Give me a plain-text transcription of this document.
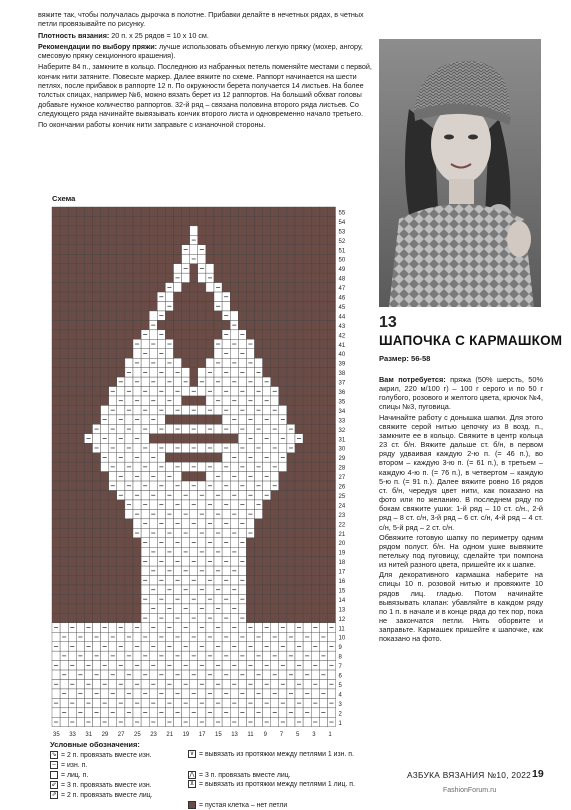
вяжите так, чтобы получалась дырочка в полотне. Прибавки делайте в нечетных рядах, в четных петли провязывайте по рисунку.

Плотность вязания: 20 п. х 25 рядов = 10 х 10 см.

Рекомендации по выбору пряжи: лучше использовать объемную легкую пряжу (мохер, ангору, смесовую пряжу секционного крашения).

Наберите 84 п., замкните в кольцо. Последнюю из набранных петель поменяйте местами с первой, кончик нити затяните. Повесьте маркер. Далее вяжите по схеме. Раппорт начинается на шести петлях, после прибавок в раппорте 12 п. По окружности берета получается 14 листьев. На более толстых спицах, например №6, можно вязать берет из 12 раппортов. На больший обхват головы добавьте нужное количество раппортов. 32-й ряд – связана половина второго ряда листьев. Со следующего ряда начинайте вывязывать кончик второго листа и одновременно начало третьего.

По окончании работы кончик нити заправьте с изнаночной стороны.

Схема
55
54
53
52
51
50
49
48
47
46
45
44
43
42
41
40
39
38
37
36
35
34
33
32
31
30
29
28
27
26
25
24
23
22
21
20
19
18
17
16
15
14
13
12
11
10
9
8
7
6
5
4
3
2
1
35 33 31 29 27 25 23 21 19 17 15 13 11 9 7 5 3 1
Условные обозначения:
⇘ = 2 п. провязать вместе изн.
– = изн. п.
= лиц. п.
⇙ = 3 п. провязать вместе изн.
⇗ = 2 п. провязать вместе лиц.
⊽ = вывязать из протяжки между петлями 1 изн. п.
⋀ = 3 п. провязать вместе лиц.
⊻ = вывязать из протяжки между петлями 1 лиц. п.
= пустая клетка – нет петли
13
ШАПОЧКА С КАРМАШКОМ
Размер: 56-58

Вам потребуется: пряжа (50% шерсть, 50% акрил, 220 м/100 г) – 100 г серого и по 50 г голубого, розового и желтого цвета, крючок №4, спицы №3, пуговица.

Начинайте работу с донышка шапки. Для этого свяжите серой нитью цепочку из 8 возд. п., замкните ее в кольцо. Свяжите в центр кольца 23 ст. б/н. Вяжите дальше ст. б/н, в первом ряду удваивая каждую 2-ю п. (= 46 п.), во втором – каждую 3-ю п. (= 61 п.), в третьем – каждую 4-ю п. (= 76 п.), в четвертом – каждую 5-ю п. (= 91 п.). Далее вяжите ровно 16 рядов ст. б/н, чередуя цвет нити, как показано на фото или по желанию. В последнем ряду по бокам свяжите ушки: 1-й ряд – 10 ст. с/н., 2-й ряд – 8 ст. с/н, 3-й ряд – 6 ст. с/н, 4-й ряд – 4 ст. с/н, 5-й ряд – 2 ст. с/н.

Обвяжите готовую шапку по периметру одним рядом полуст. б/н. На одном ушке вывяжите петельку под пуговицу, сделайте три помпона из нитей разного цвета, пришейте их к шапке.

Для декоративного кармашка наберите на спицы 10 п. розовой нитью и провяжите 10 рядов лиц. гладью. Потом начинайте вывязывать клапан: убавляйте в каждом ряду по 1 п. в начале и в конце ряда до тех пор, пока не закончатся петли. Нить оборвите и заправьте. Кармашек пришейте к шапочке, как показано на фото.

АЗБУКА ВЯЗАНИЯ №10, 2022 19
FashionForum.ru
